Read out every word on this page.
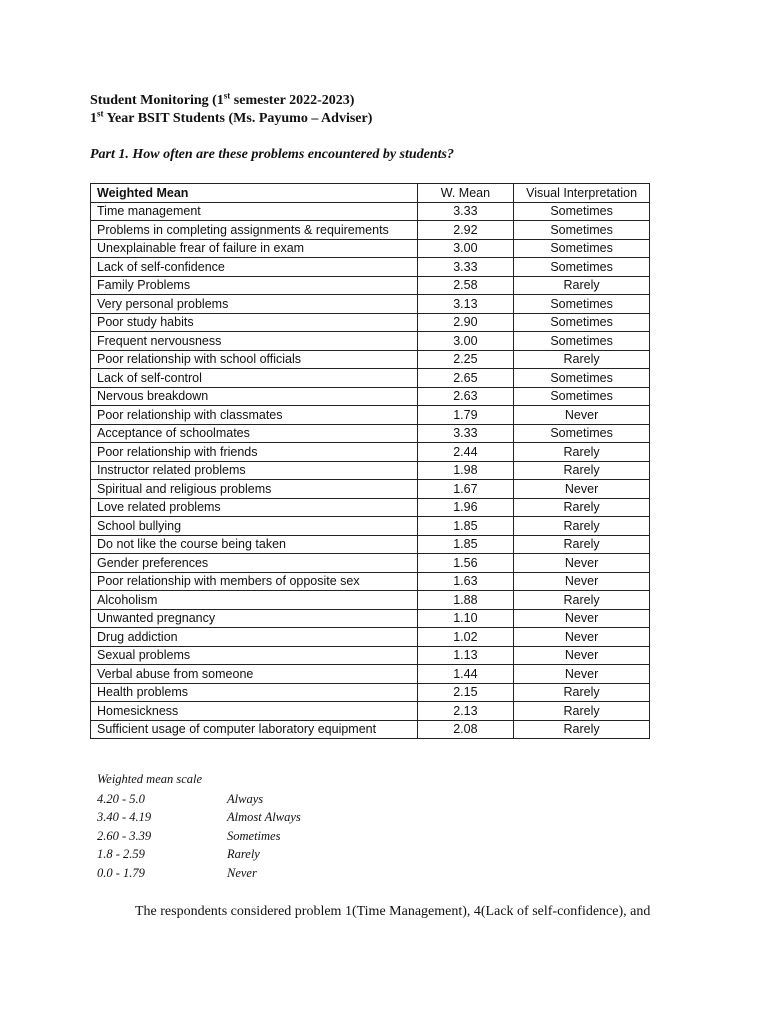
Student Monitoring (1st semester 2022-2023)
1st Year BSIT Students (Ms. Payumo – Adviser)
Part 1. How often are these problems encountered by students?
Weighted Mean	W. Mean	Visual Interpretation
Time management	3.33	Sometimes
Problems in completing assignments & requirements	2.92	Sometimes
Unexplainable frear of failure in exam	3.00	Sometimes
Lack of self-confidence	3.33	Sometimes
Family Problems	2.58	Rarely
Very personal problems	3.13	Sometimes
Poor study habits	2.90	Sometimes
Frequent nervousness	3.00	Sometimes
Poor relationship with school officials	2.25	Rarely
Lack of self-control	2.65	Sometimes
Nervous breakdown	2.63	Sometimes
Poor relationship with classmates	1.79	Never
Acceptance of schoolmates	3.33	Sometimes
Poor relationship with friends	2.44	Rarely
Instructor related problems	1.98	Rarely
Spiritual and religious problems	1.67	Never
Love related problems	1.96	Rarely
School bullying	1.85	Rarely
Do not like the course being taken	1.85	Rarely
Gender preferences	1.56	Never
Poor relationship with members of opposite sex	1.63	Never
Alcoholism	1.88	Rarely
Unwanted pregnancy	1.10	Never
Drug addiction	1.02	Never
Sexual problems	1.13	Never
Verbal abuse from someone	1.44	Never
Health problems	2.15	Rarely
Homesickness	2.13	Rarely
Sufficient usage of computer laboratory equipment	2.08	Rarely
Weighted mean scale
4.20 - 5.0	Always
3.40 - 4.19	Almost Always
2.60 - 3.39	Sometimes
1.8 - 2.59	Rarely
0.0 - 1.79	Never
The respondents considered problem 1(Time Management), 4(Lack of self-confidence), and
